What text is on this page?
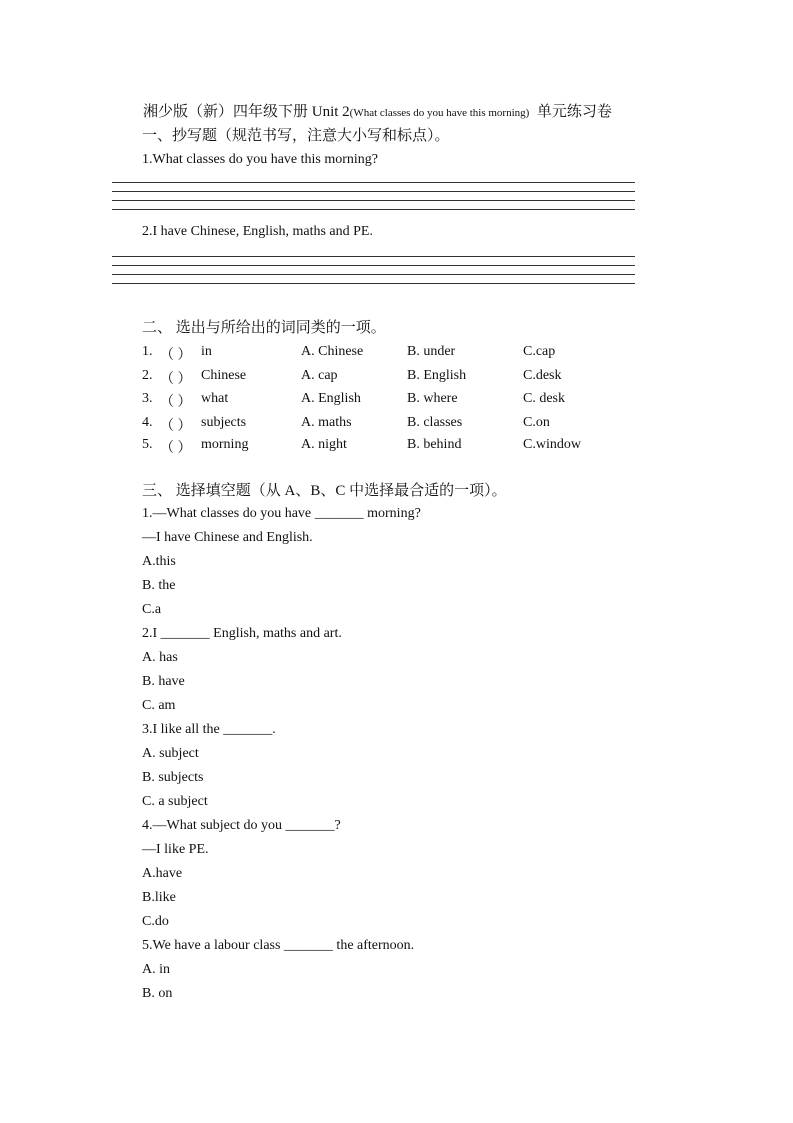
湘少版（新）四年级下册 Unit 2(What classes do you have this morning) 单元练习卷
一、抄写题（规范书写，注意大小写和标点）。
1.What classes do you have this morning?
2.I have Chinese, English, maths and PE.
二、 选出与所给出的词同类的一项。
1. （ ） in	A. Chinese	B. under	C.cap
2. （ ） Chinese	A. cap	B. English	C.desk
3. （ ） what	A. English	B. where	C. desk
4. （ ） subjects	A. maths	B. classes	C.on
5. （ ） morning	A. night	B. behind	C.window
三、 选择填空题（从 A、B、C 中选择最合适的一项）。
1.—What classes do you have _______ morning?
—I have Chinese and English.
A.this
B. the
C.a
2.I _______ English, maths and art.
A. has
B. have
C. am
3.I like all the _______.
A. subject
B. subjects
C. a subject
4.—What subject do you _______?
—I like PE.
A.have
B.like
C.do
5.We have a labour class _______ the afternoon.
A. in
B. on
